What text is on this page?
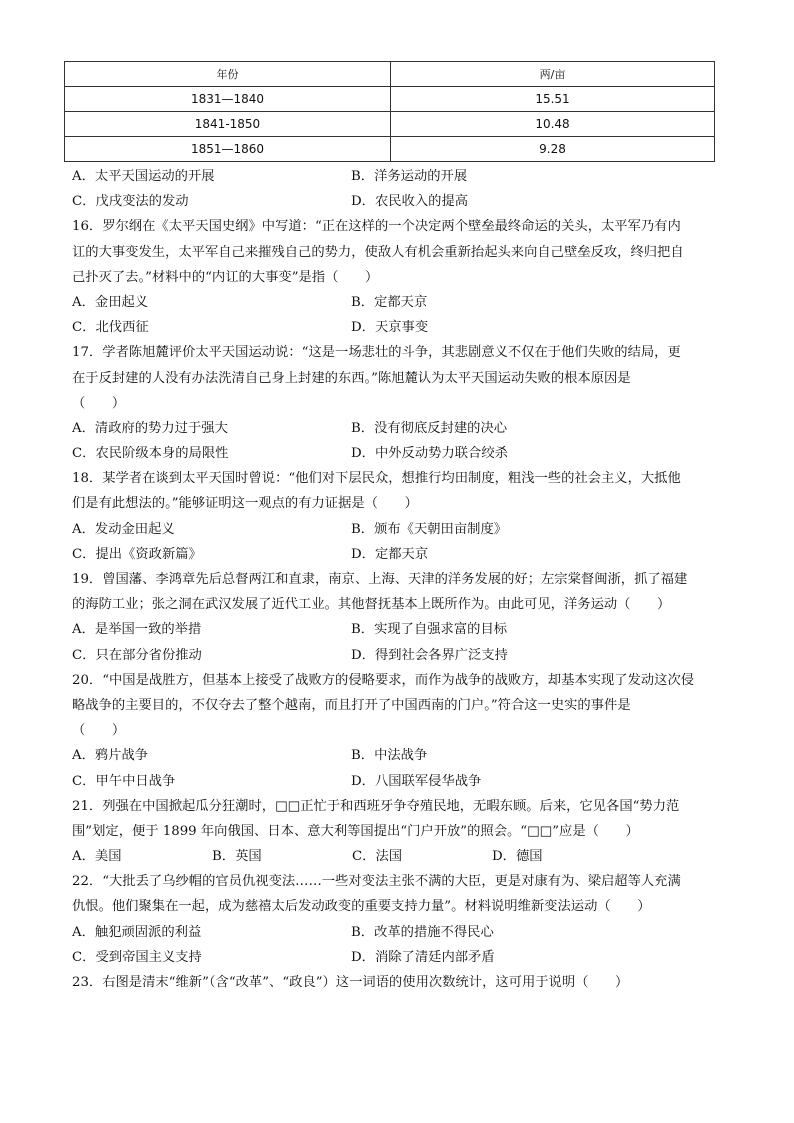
年份	两/亩
1831—1840	15.51
1841-1850	10.48
1851—1860	9.28
A．太平天国运动的开展	B．洋务运动的开展
C．戊戌变法的发动	D．农民收入的提高
16．罗尔纲在《太平天国史纲》中写道：“正在这样的一个决定两个壁垒最终命运的关头，太平军乃有内
讧的大事变发生，太平军自己来摧残自己的势力，使敌人有机会重新抬起头来向自己壁垒反攻，终归把自
己扑灭了去。”材料中的“内讧的大事变”是指（　　）
A．金田起义	B．定都天京
C．北伐西征	D．天京事变
17．学者陈旭麓评价太平天国运动说：“这是一场悲壮的斗争，其悲剧意义不仅在于他们失败的结局，更
在于反封建的人没有办法洗清自己身上封建的东西。”陈旭麓认为太平天国运动失败的根本原因是
（　　）
A．清政府的势力过于强大	B．没有彻底反封建的决心
C．农民阶级本身的局限性	D．中外反动势力联合绞杀
18．某学者在谈到太平天国时曾说：“他们对下层民众，想推行均田制度，粗浅一些的社会主义，大抵他
们是有此想法的。”能够证明这一观点的有力证据是（　　）
A．发动金田起义	B．颁布《天朝田亩制度》
C．提出《资政新篇》	D．定都天京
19．曾国藩、李鸿章先后总督两江和直隶，南京、上海、天津的洋务发展的好；左宗棠督闽浙，抓了福建
的海防工业；张之洞在武汉发展了近代工业。其他督抚基本上既所作为。由此可见，洋务运动（　　）
A．是举国一致的举措	B．实现了自强求富的目标
C．只在部分省份推动	D．得到社会各界广泛支持
20．“中国是战胜方，但基本上接受了战败方的侵略要求，而作为战争的战败方，却基本实现了发动这次侵
略战争的主要目的，不仅夺去了整个越南，而且打开了中国西南的门户。”符合这一史实的事件是
（　　）
A．鸦片战争	B．中法战争
C．甲午中日战争	D．八国联军侵华战争
21．列强在中国掀起瓜分狂潮时，□□正忙于和西班牙争夺殖民地，无暇东顾。后来，它见各国“势力范
围”划定，便于 1899 年向俄国、日本、意大利等国提出“门户开放”的照会。“□□”应是（　　）
A．美国	B．英国	C．法国	D．德国
22．“大批丢了乌纱帽的官员仇视变法……一些对变法主张不满的大臣，更是对康有为、梁启超等人充满
仇恨。他们聚集在一起，成为慈禧太后发动政变的重要支持力量”。材料说明维新变法运动（　　）
A．触犯顽固派的利益	B．改革的措施不得民心
C．受到帝国主义支持	D．消除了清廷内部矛盾
23．右图是清末“维新”（含“改革”、“政良”）这一词语的使用次数统计，这可用于说明（　　）
